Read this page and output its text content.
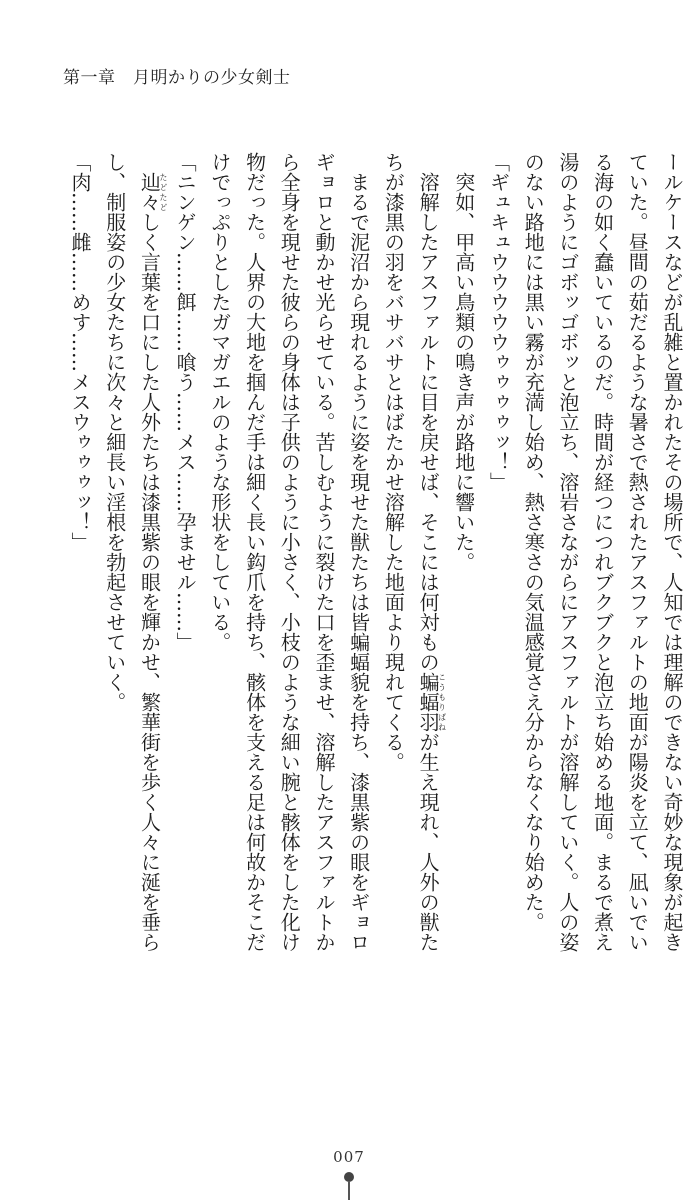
第一章　月明かりの少女剣士
ールケースなどが乱雑と置かれたその場所で、人知では理解のできない奇妙な現象が起き
ていた。昼間の茹だるような暑さで熱されたアスファルトの地面が陽炎を立て、凪いでい
る海の如く蠢いているのだ。時間が経つにつれブクブクと泡立ち始める地面。まるで煮え
湯のようにゴボッゴボッと泡立ち、溶岩さながらにアスファルトが溶解していく。人の姿
のない路地には黒い霧が充満し始め、熱さ寒さの気温感覚さえ分からなくなり始めた。
「ギュキュウウウウウゥゥゥゥッ！」
　突如、甲高い鳥類の鳴き声が路地に響いた。
　溶解したアスファルトに目を戻せば、そこには何対もの蝙蝠羽こうもりばねが生え現れ、人外の獣た
ちが漆黒の羽をバサバサとはばたかせ溶解した地面より現れてくる。
　まるで泥沼から現れるように姿を現せた獣たちは皆蝙蝠貌を持ち、漆黒紫の眼をギョロ
ギョロと動かせ光らせている。苦しむように裂けた口を歪ませ、溶解したアスファルトか
ら全身を現せた彼らの身体は子供のように小さく、小枝のような細い腕と骸体をした化け
物だった。人界の大地を掴んだ手は細く長い鈎爪を持ち、骸体を支える足は何故かそこだ
けでっぷりとしたガマガエルのような形状をしている。
「ニンゲン……餌……喰う……メス……孕ませル……」
　辿々たどたどしく言葉を口にした人外たちは漆黒紫の眼を輝かせ、繁華街を歩く人々に涎を垂ら
し、制服姿の少女たちに次々と細長い淫根を勃起させていく。
「肉……雌……めす……メスウゥゥゥッ！」
007
